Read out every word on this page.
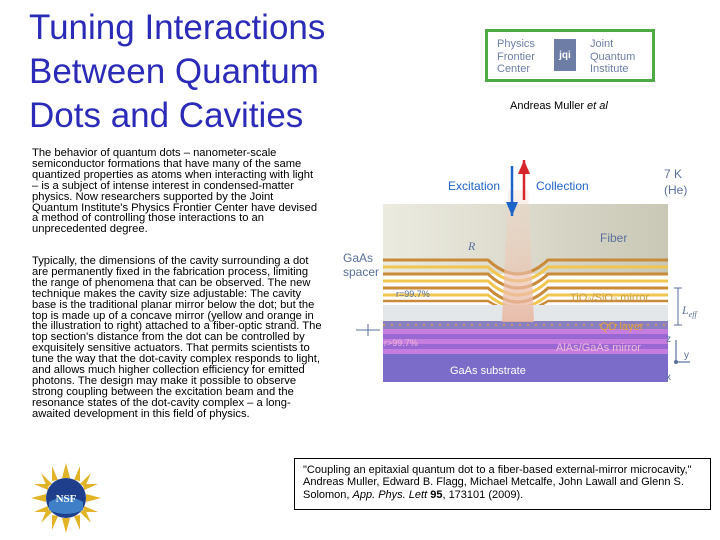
Tuning Interactions Between Quantum Dots and Cavities
Physics
Frontier
Center
jqi
Joint
Quantum
Institute
Andreas Muller et al

The behavior of quantum dots – nanometer-scale semiconductor formations that have many of the same quantized properties as atoms when interacting with light – is a subject of intense interest in condensed-matter physics. Now researchers supported by the Joint Quantum Institute's Physics Frontier Center have devised a method of controlling those interactions to an unprecedented degree.

Typically, the dimensions of the cavity surrounding a dot are permanently fixed in the fabrication process, limiting the range of phenomena that can be observed. The new technique makes the cavity size adjustable: The cavity base is the traditional planar mirror below the dot; but the top is made up of a concave mirror (yellow and orange in the illustration to right) attached to a fiber-optic strand. The top section's distance from the dot can be controlled by exquisitely sensitive actuators. That permits scientists to tune the way that the dot-cavity complex responds to light, and allows much higher collection efficiency for emitted photons. The design may make it possible to observe strong coupling between the excitation beam and the resonance states of the dot-cavity complex – a long-awaited development in this field of physics.

Excitation	Collection
7 K
(He)
Fiber
R
GaAs
spacer
r=99.7%	TiO₂/SiO₂ mirror
QD layer
r>99.7%	AlAs/GaAs mirror
GaAs substrate
$L_{eff}$
z
y
x
"Coupling an epitaxial quantum dot to a fiber-based external-mirror microcavity," Andreas Muller, Edward B. Flagg, Michael Metcalfe, John Lawall and Glenn S. Solomon, App. Phys. Lett 95, 173101 (2009).
NSF
